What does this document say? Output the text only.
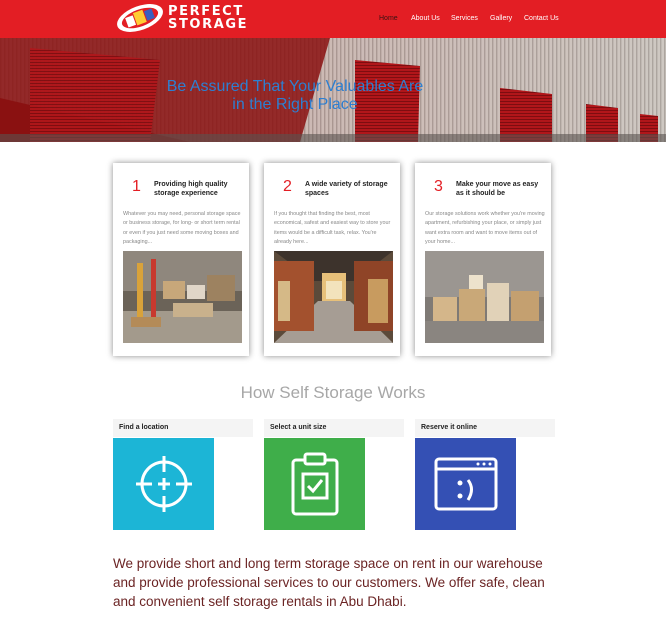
PERFECT
STORAGE	Home About Us Services Gallery Contact Us
Be Assured That Your Valuables Are
in the Right Place
1 Providing high quality storage experience
Whatever you may need, personal storage space or business storage, for long- or short term rental or even if you just need some moving boxes and packaging...
2 A wide variety of storage spaces
If you thought that finding the best, most economical, safest and easiest way to store your items would be a difficult task, relax. You're already here...
3 Make your move as easy as it should be
Our storage solutions work whether you're moving apartment, refurbishing your place, or simply just want extra room and want to move items out of your home...
How Self Storage Works
Find a location	Select a unit size	Reserve it online

We provide short and long term storage space on rent in our warehouse and provide professional services to our customers. We offer safe, clean and convenient self storage rentals in Abu Dhabi.
